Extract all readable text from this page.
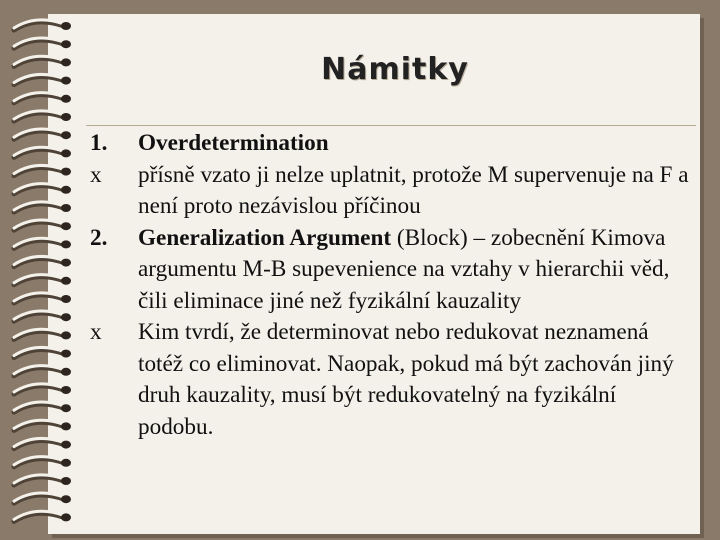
Námitky
1.	Overdetermination
x	přísně vzato ji nelze uplatnit, protože M supervenuje na F a není proto nezávislou příčinou
2.	Generalization Argument (Block) – zobecnění Kimova argumentu M-B supevenience na vztahy v hierarchii věd, čili eliminace jiné než fyzikální kauzality
x	Kim tvrdí, že determinovat nebo redukovat neznamená totéž co eliminovat. Naopak, pokud má být zachován jiný druh kauzality, musí být redukovatelný na fyzikální podobu.
